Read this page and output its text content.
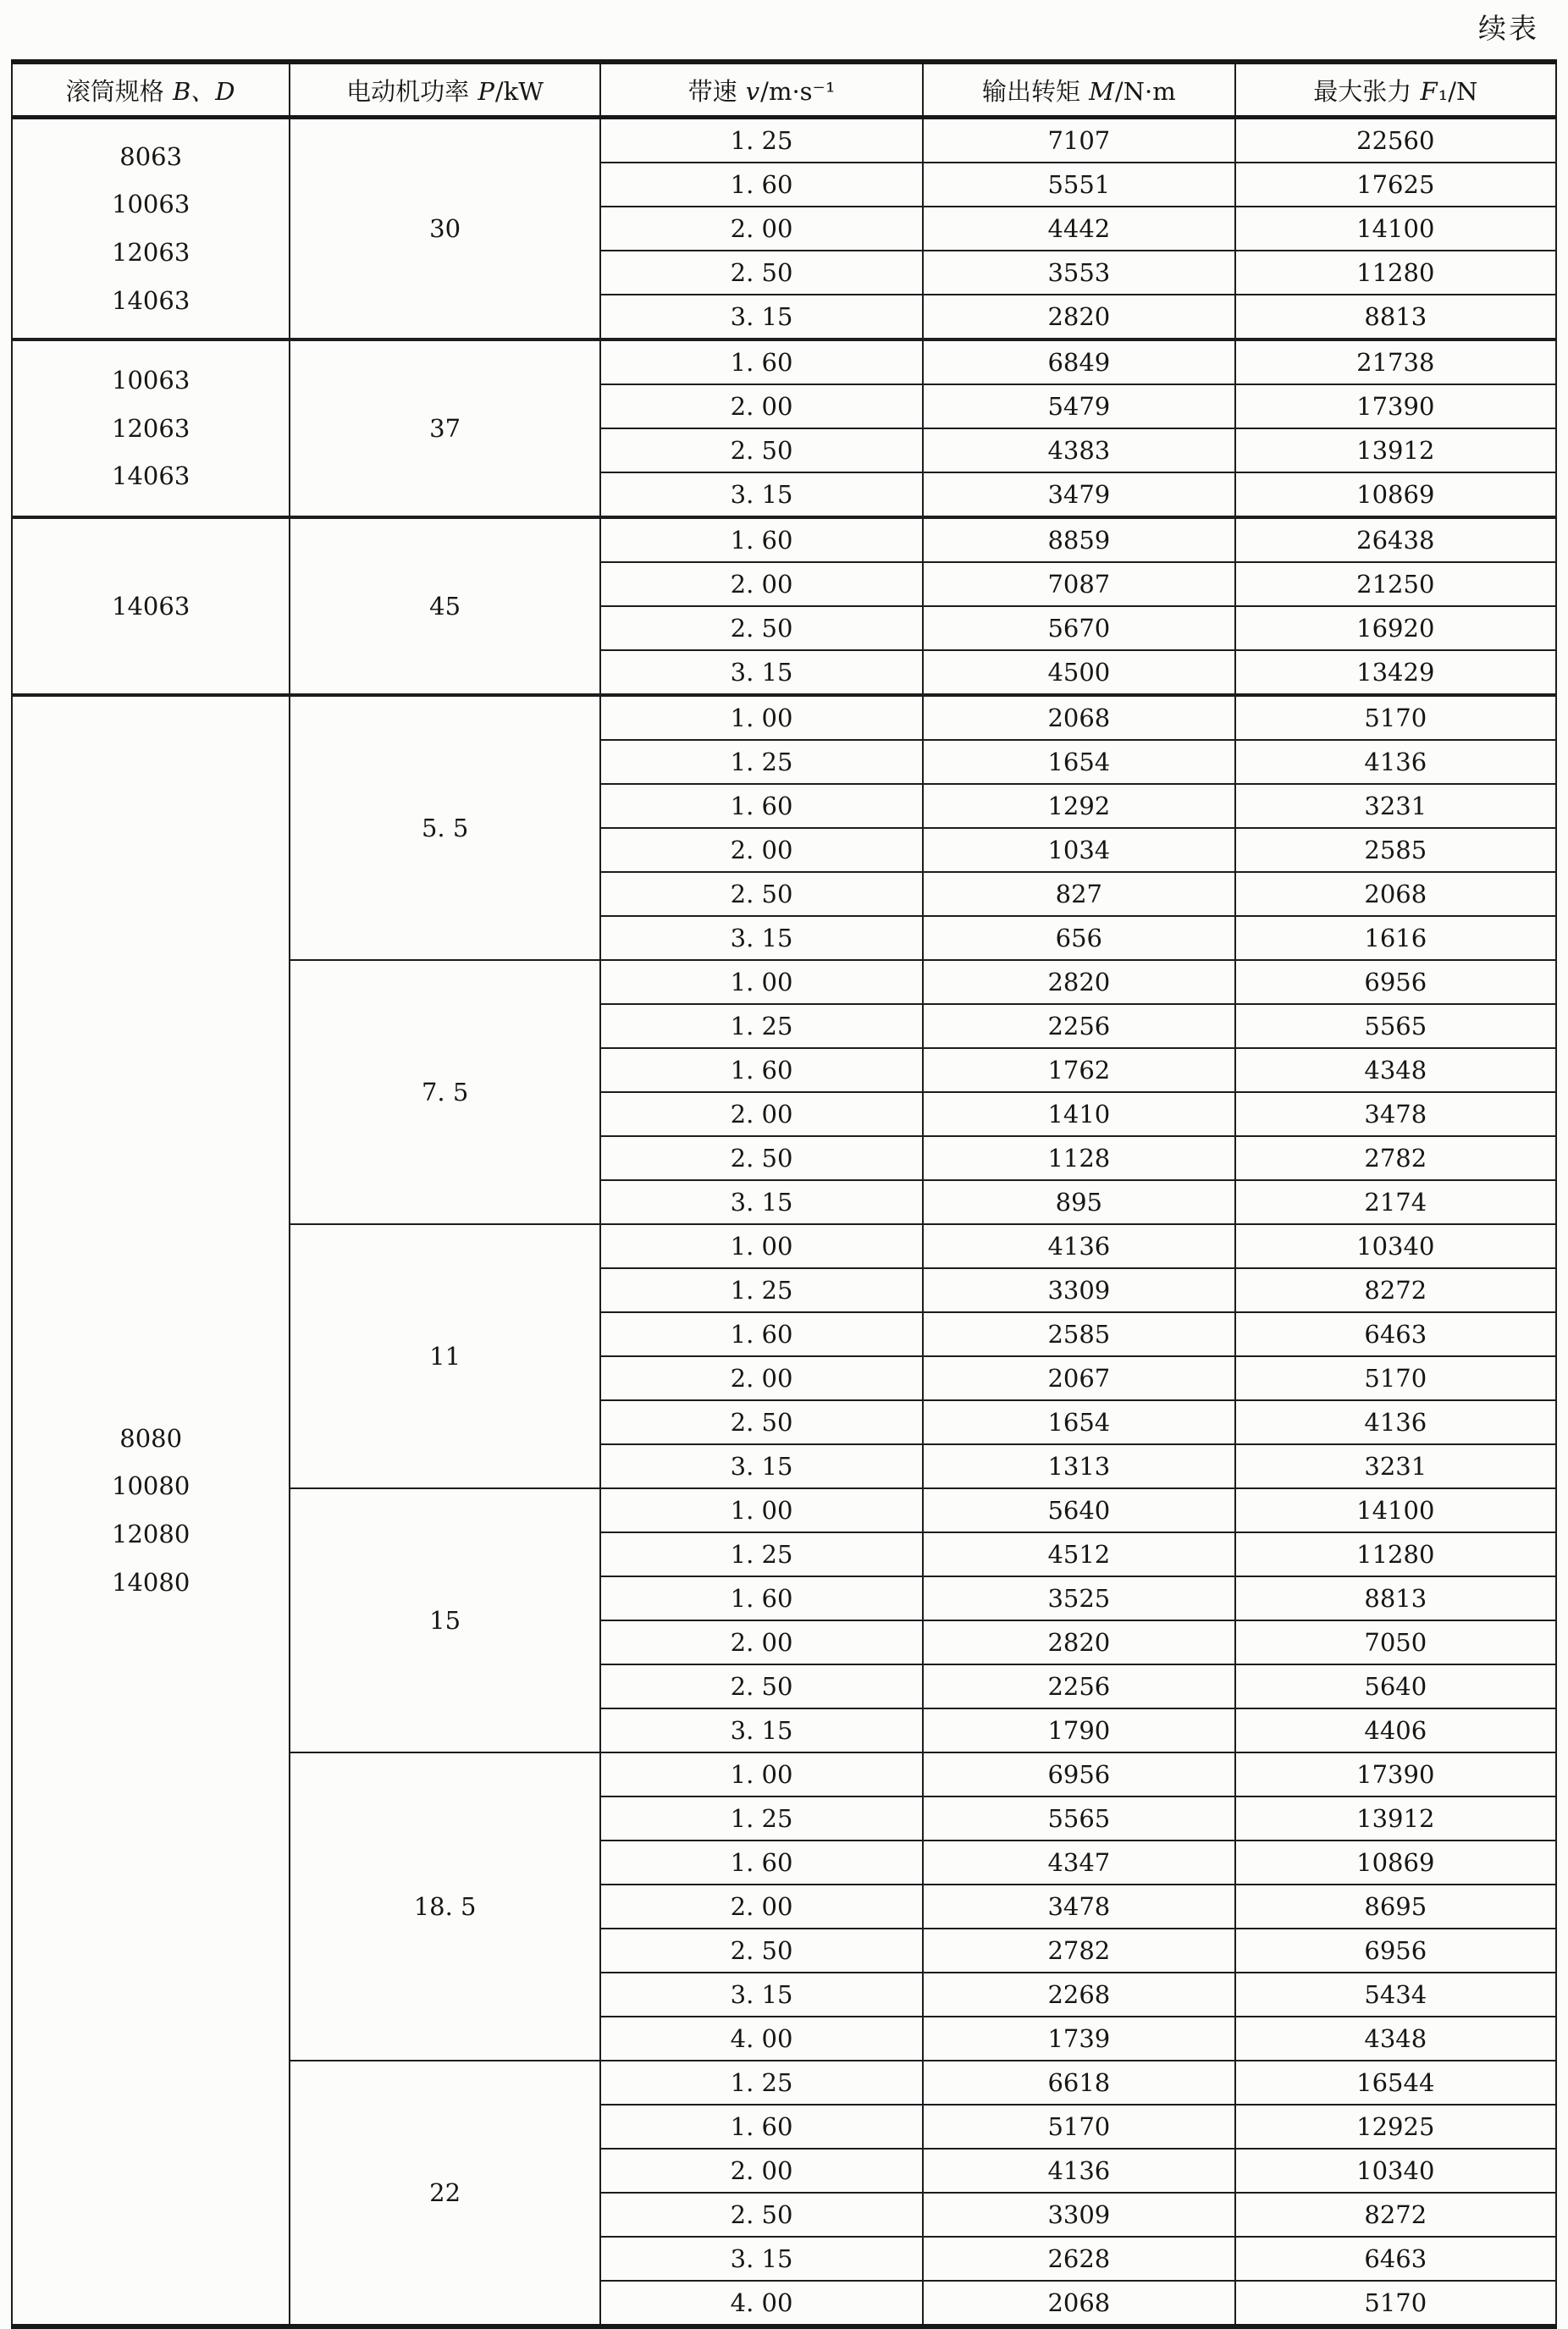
续表
滚筒规格 B、D	电动机功率 P/kW	带速 v/m·s⁻¹	输出转矩 M/N·m	最大张力 F₁/N

8063
10063
12063
14063	30	1. 25	7107	22560
		1. 60	5551	17625
		2. 00	4442	14100
		2. 50	3553	11280
		3. 15	2820	8813

10063
12063
14063	37	1. 60	6849	21738
		2. 00	5479	17390
		2. 50	4383	13912
		3. 15	3479	10869

14063	45	1. 60	8859	26438
		2. 00	7087	21250
		2. 50	5670	16920
		3. 15	4500	13429

8080
10080
12080
14080	5. 5	1. 00	2068	5170
		1. 25	1654	4136
		1. 60	1292	3231
		2. 00	1034	2585
		2. 50	827	2068
		3. 15	656	1616
	7. 5	1. 00	2820	6956
		1. 25	2256	5565
		1. 60	1762	4348
		2. 00	1410	3478
		2. 50	1128	2782
		3. 15	895	2174
	11	1. 00	4136	10340
		1. 25	3309	8272
		1. 60	2585	6463
		2. 00	2067	5170
		2. 50	1654	4136
		3. 15	1313	3231
	15	1. 00	5640	14100
		1. 25	4512	11280
		1. 60	3525	8813
		2. 00	2820	7050
		2. 50	2256	5640
		3. 15	1790	4406
	18. 5	1. 00	6956	17390
		1. 25	5565	13912
		1. 60	4347	10869
		2. 00	3478	8695
		2. 50	2782	6956
		3. 15	2268	5434
		4. 00	1739	4348
	22	1. 25	6618	16544
		1. 60	5170	12925
		2. 00	4136	10340
		2. 50	3309	8272
		3. 15	2628	6463
		4. 00	2068	5170
